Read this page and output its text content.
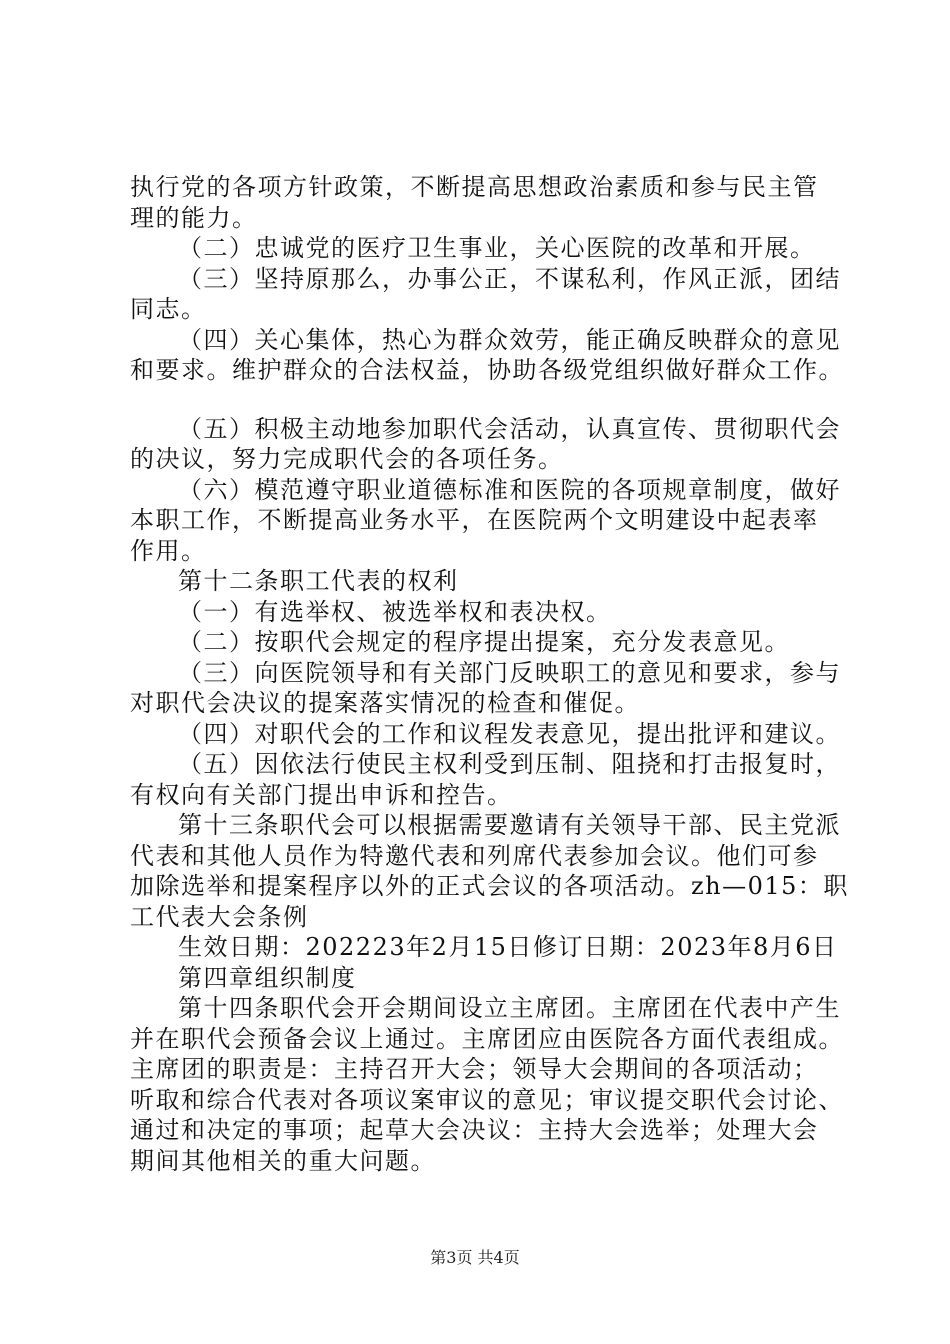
执行党的各项方针政策，不断提高思想政治素质和参与民主管
理的能力。
（二）忠诚党的医疗卫生事业，关心医院的改革和开展。
（三）坚持原那么，办事公正，不谋私利，作风正派，团结
同志。
（四）关心集体，热心为群众效劳，能正确反映群众的意见
和要求。维护群众的合法权益，协助各级党组织做好群众工作。
（五）积极主动地参加职代会活动，认真宣传、贯彻职代会
的决议，努力完成职代会的各项任务。
（六）模范遵守职业道德标准和医院的各项规章制度，做好
本职工作，不断提高业务水平，在医院两个文明建设中起表率
作用。
第十二条职工代表的权利
（一）有选举权、被选举权和表决权。
（二）按职代会规定的程序提出提案，充分发表意见。
（三）向医院领导和有关部门反映职工的意见和要求，参与
对职代会决议的提案落实情况的检查和催促。
（四）对职代会的工作和议程发表意见，提出批评和建议。
（五）因依法行使民主权利受到压制、阻挠和打击报复时，
有权向有关部门提出申诉和控告。
第十三条职代会可以根据需要邀请有关领导干部、民主党派
代表和其他人员作为特邀代表和列席代表参加会议。他们可参
加除选举和提案程序以外的正式会议的各项活动。zh—015：职
工代表大会条例
生效日期：202223年2月15日修订日期：2023年8月6日
第四章组织制度
第十四条职代会开会期间设立主席团。主席团在代表中产生
并在职代会预备会议上通过。主席团应由医院各方面代表组成。
主席团的职责是：主持召开大会；领导大会期间的各项活动；
听取和综合代表对各项议案审议的意见；审议提交职代会讨论、
通过和决定的事项；起草大会决议：主持大会选举；处理大会
期间其他相关的重大问题。
第3页 共4页
